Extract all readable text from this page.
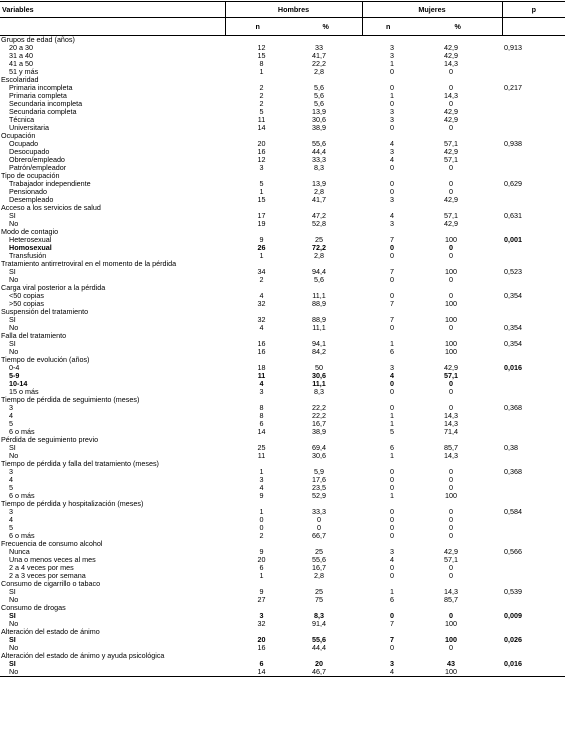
Variables	Hombres		Mujeres		p
	n	%	n	%	
Grupos de edad (años)					
20 a 30	12	33	3	42,9	0,913
31 a 40	15	41,7	3	42,9	
41 a 50	8	22,2	1	14,3	
51 y más	1	2,8	0	0	
Escolaridad					
Primaria incompleta	2	5,6	0	0	0,217
Primaria completa	2	5,6	1	14,3	
Secundaria incompleta	2	5,6	0	0	
Secundaria completa	5	13,9	3	42,9	
Técnica	11	30,6	3	42,9	
Universitaria	14	38,9	0	0	
Ocupación					
Ocupado	20	55,6	4	57,1	0,938
Desocupado	16	44,4	3	42,9	
Obrero/empleado	12	33,3	4	57,1	
Patrón/empleador	3	8,3	0	0	
Tipo de ocupación					
Trabajador independiente	5	13,9	0	0	0,629
Pensionado	1	2,8	0	0	
Desempleado	15	41,7	3	42,9	
Acceso a los servicios de salud					
SI	17	47,2	4	57,1	0,631
No	19	52,8	3	42,9	
Modo de contagio					
Heterosexual	9	25	7	100	0,001
Homosexual	26	72,2	0	0	
Transfusión	1	2,8	0	0	
Tratamiento antirretroviral en el momento de la pérdida					
SI	34	94,4	7	100	0,523
No	2	5,6	0	0	
Carga viral posterior a la pérdida					
<50 copias	4	11,1	0	0	0,354
>50 copias	32	88,9	7	100	
Suspensión del tratamiento					
SI	32	88,9	7	100	
No	4	11,1	0	0	0,354
Falla del tratamiento					
SI	16	94,1	1	100	0,354
No	16	84,2	6	100	
Tiempo de evolución (años)					
0-4	18	50	3	42,9	0,016
5-9	11	30,6	4	57,1	
10-14	4	11,1	0	0	
15 o más	3	8,3	0	0	
Tiempo de pérdida de seguimiento (meses)					
3	8	22,2	0	0	0,368
4	8	22,2	1	14,3	
5	6	16,7	1	14,3	
6 o más	14	38,9	5	71,4	
Pérdida de seguimiento previo					
SI	25	69,4	6	85,7	0,38
No	11	30,6	1	14,3	
Tiempo de pérdida y falla del tratamiento (meses)					
3	1	5,9	0	0	0,368
4	3	17,6	0	0	
5	4	23,5	0	0	
6 o más	9	52,9	1	100	
Tiempo de pérdida y hospitalización (meses)					
3	1	33,3	0	0	0,584
4	0	0	0	0	
5	0	0	0	0	
6 o más	2	66,7	0	0	
Frecuencia de consumo alcohol					
Nunca	9	25	3	42,9	0,566
Una o menos veces al mes	20	55,6	4	57,1	
2 a 4 veces por mes	6	16,7	0	0	
2 a 3 veces por semana	1	2,8	0	0	
Consumo de cigarrillo o tabaco					
SI	9	25	1	14,3	0,539
No	27	75	6	85,7	
Consumo de drogas					
SI	3	8,3	0	0	0,009
No	32	91,4	7	100	
Alteración del estado de ánimo					
SI	20	55,6	7	100	0,026
No	16	44,4	0	0	
Alteración del estado de ánimo y ayuda psicológica					
SI	6	20	3	43	0,016
No	14	46,7	4	100	
